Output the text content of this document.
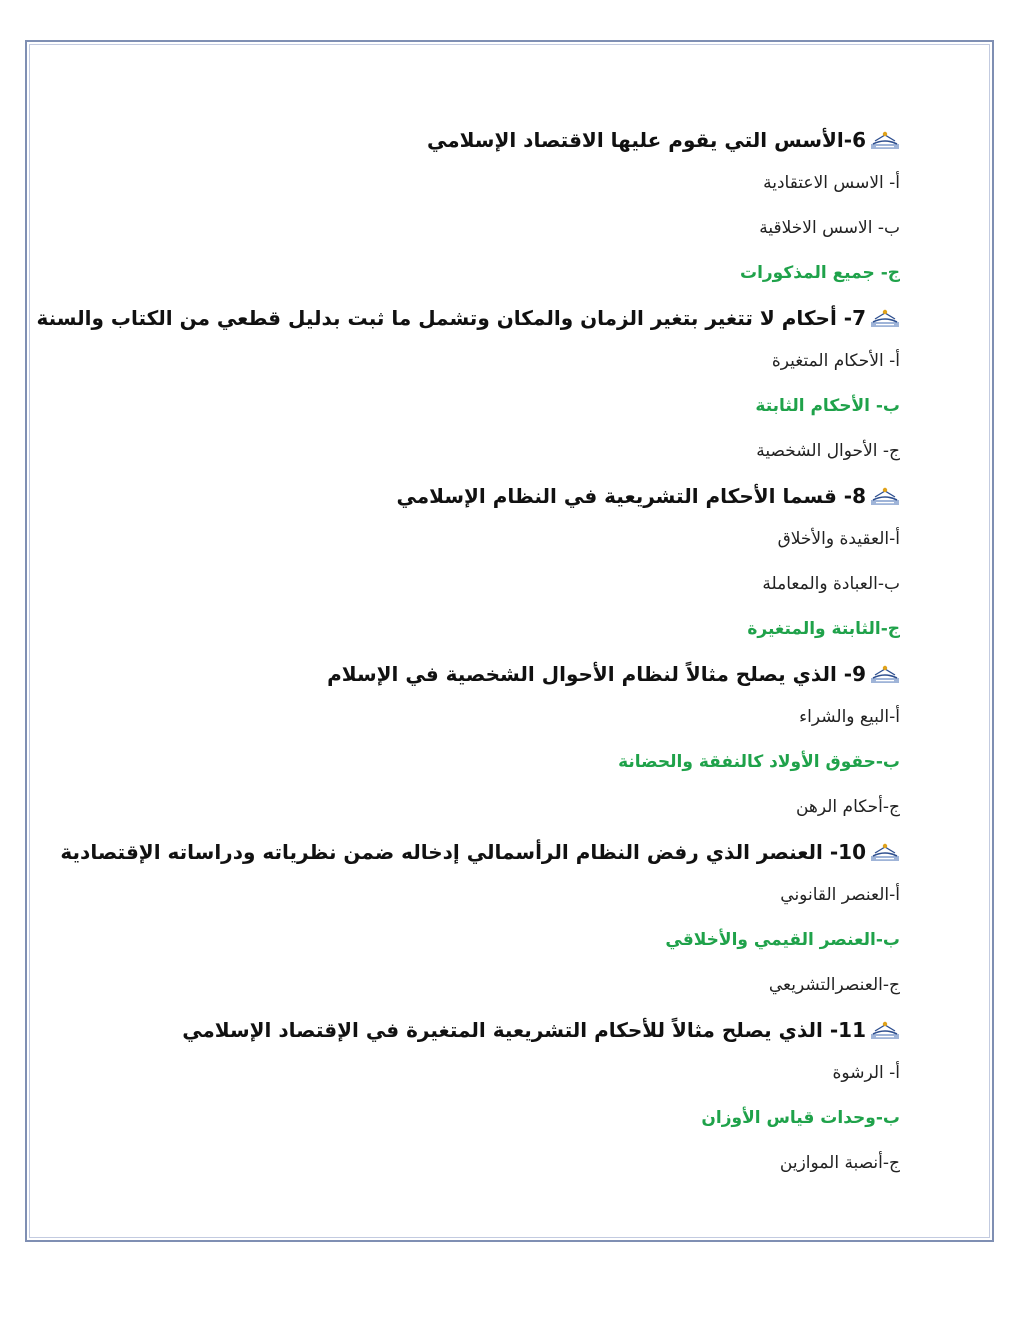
6-الأسس التي يقوم عليها الاقتصاد الإسلامي
أ- الاسس الاعتقادية
ب- الاسس الاخلاقية
ج- جميع المذكورات
7- أحكام لا تتغير بتغير الزمان والمكان وتشمل ما ثبت بدليل قطعي من الكتاب والسنة
أ- الأحكام المتغيرة
ب- الأحكام الثابتة
ج- الأحوال الشخصية
8- قسما الأحكام التشريعية في النظام الإسلامي
أ-العقيدة والأخلاق
ب-العبادة والمعاملة
ج-الثابتة والمتغيرة
9- الذي يصلح مثالاً لنظام الأحوال الشخصية في الإسلام
أ-البيع والشراء
ب-حقوق الأولاد كالنفقة والحضانة
ج-أحكام الرهن
10- العنصر الذي رفض النظام الرأسمالي إدخاله ضمن نظرياته ودراساته الإقتصادية
أ-العنصر القانوني
ب-العنصر القيمي والأخلاقي
ج-العنصرالتشريعي
11- الذي يصلح مثالاً للأحكام التشريعية المتغيرة في الإقتصاد الإسلامي
أ- الرشوة
ب-وحدات قياس الأوزان
ج-أنصبة الموازين
